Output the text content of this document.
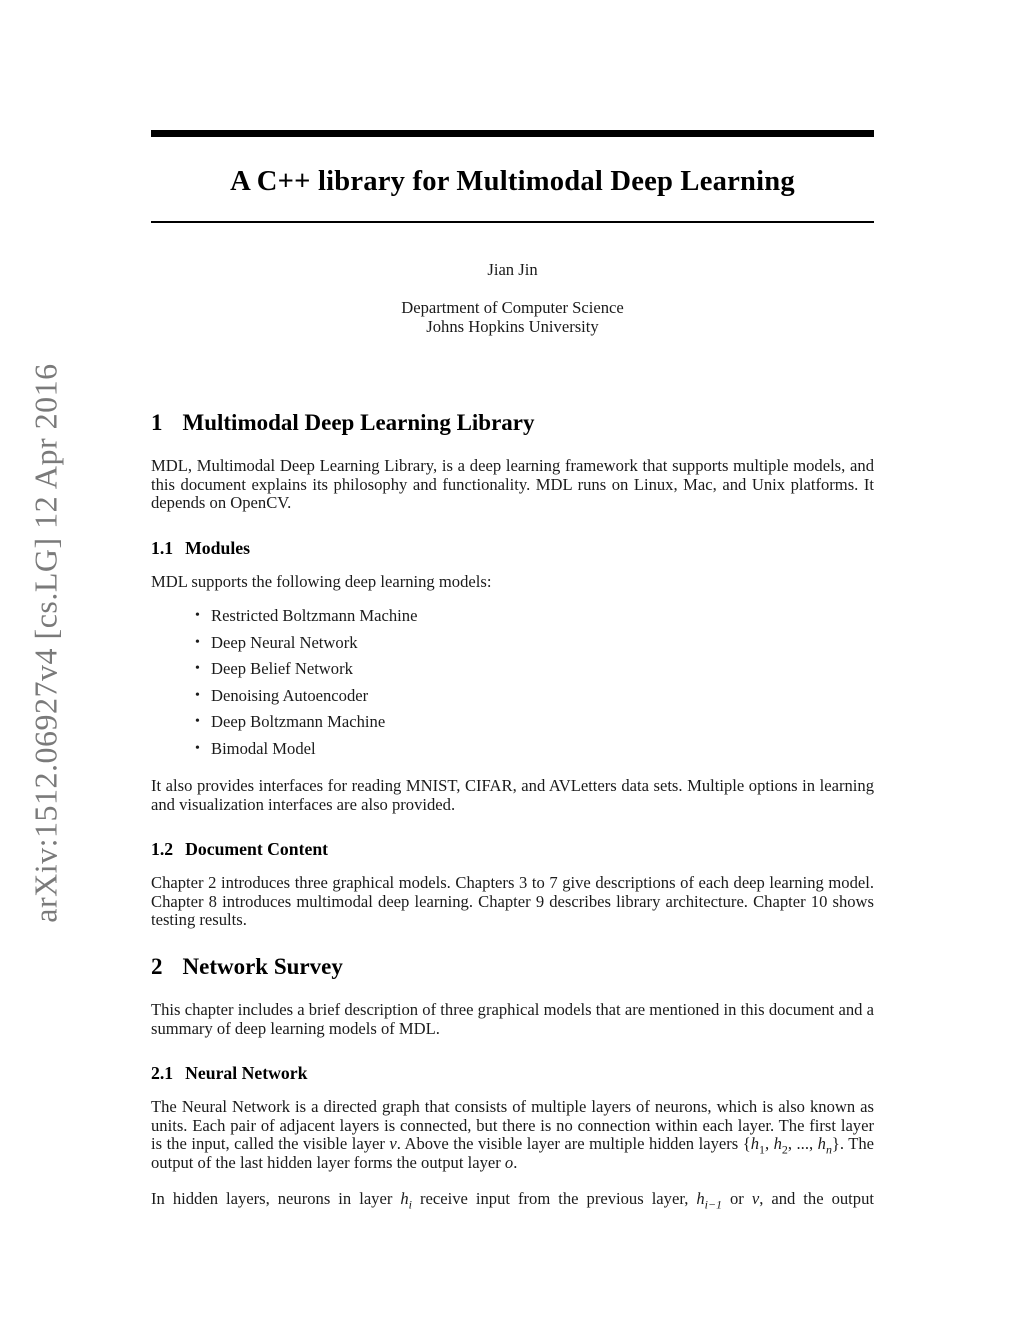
arXiv:1512.06927v4 [cs.LG] 12 Apr 2016
A C++ library for Multimodal Deep Learning
Jian Jin
Department of Computer Science
Johns Hopkins University
1 Multimodal Deep Learning Library
MDL, Multimodal Deep Learning Library, is a deep learning framework that supports multiple models, and this document explains its philosophy and functionality. MDL runs on Linux, Mac, and Unix platforms. It depends on OpenCV.
1.1 Modules
MDL supports the following deep learning models:
• Restricted Boltzmann Machine
• Deep Neural Network
• Deep Belief Network
• Denoising Autoencoder
• Deep Boltzmann Machine
• Bimodal Model
It also provides interfaces for reading MNIST, CIFAR, and AVLetters data sets. Multiple options in learning and visualization interfaces are also provided.
1.2 Document Content
Chapter 2 introduces three graphical models. Chapters 3 to 7 give descriptions of each deep learning model. Chapter 8 introduces multimodal deep learning. Chapter 9 describes library architecture. Chapter 10 shows testing results.
2 Network Survey
This chapter includes a brief description of three graphical models that are mentioned in this document and a summary of deep learning models of MDL.
2.1 Neural Network
The Neural Network is a directed graph that consists of multiple layers of neurons, which is also known as units. Each pair of adjacent layers is connected, but there is no connection within each layer. The first layer is the input, called the visible layer v. Above the visible layer are multiple hidden layers {$h_1$, $h_2$, ..., $h_n$}. The output of the last hidden layer forms the output layer o.
In hidden layers, neurons in layer $h_i$ receive input from the previous layer, $h_{i-1}$ or v, and the output
